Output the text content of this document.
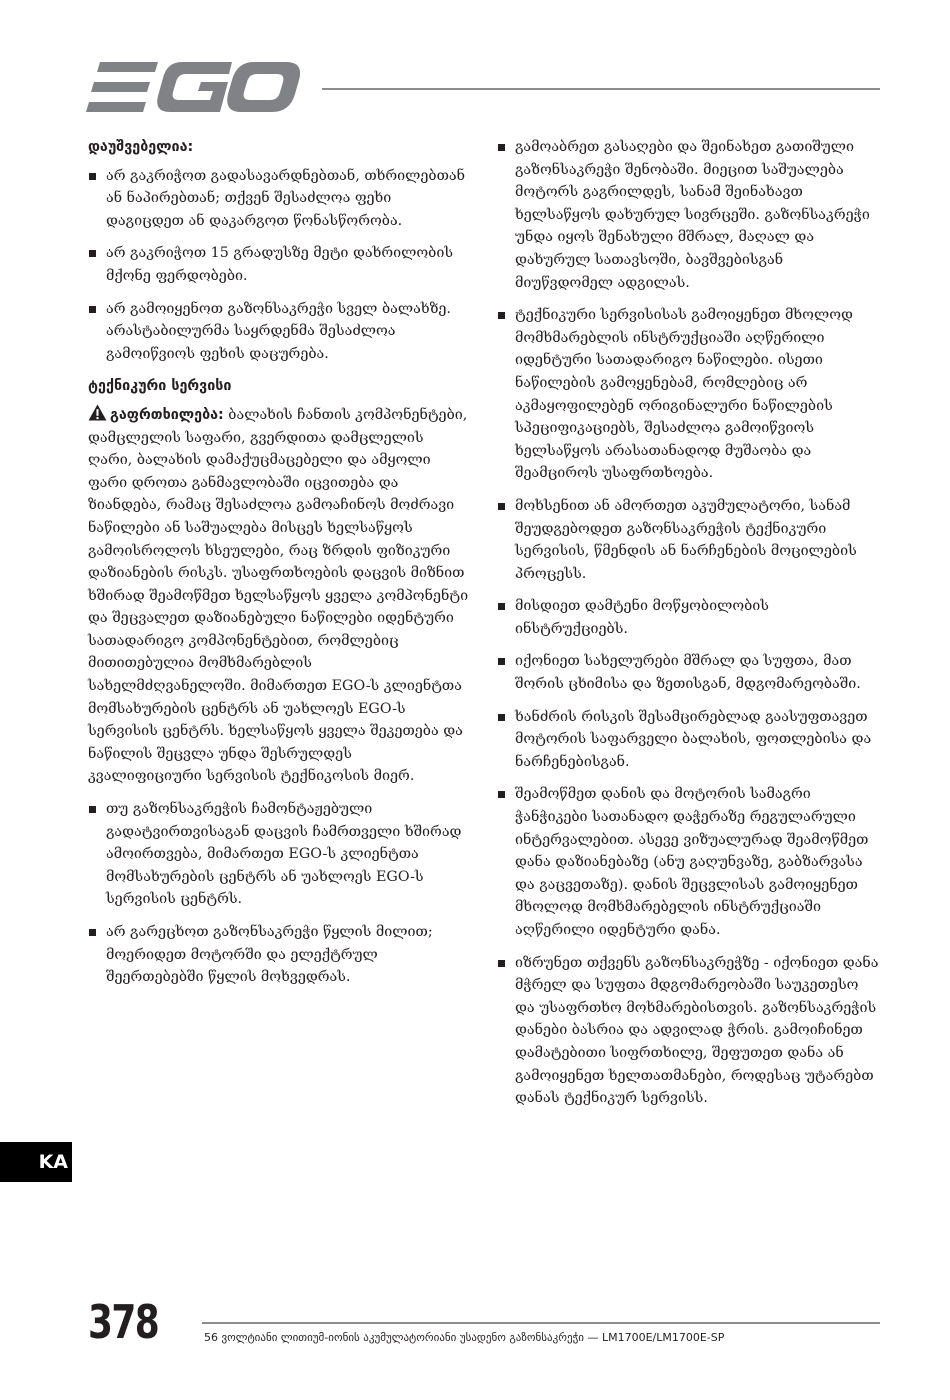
დაუშვებელია:
არ გაკრიჭოთ გადასავარდნებთან, თხრილებთან ან ნაპირებთან; თქვენ შესაძლოა ფეხი დაგიცდეთ ან დაკარგოთ წონასწორობა.
არ გაკრიჭოთ 15 გრადუსზე მეტი დახრილობის მქონე ფერდობები.
არ გამოიყენოთ გაზონსაკრეჭი სველ ბალახზე. არასტაბილურმა საყრდენმა შესაძლოა გამოიწვიოს ფეხის დაცურება.
ტექნიკური სერვისი

გაფრთხილება: ბალახის ჩანთის კომპონენტები, დამცლელის საფარი, გვერდითა დამცლელის ღარი, ბალახის დამაქუცმაცებელი და ამყოლი ფარი დროთა განმავლობაში იცვითება და ზიანდება, რამაც შესაძლოა გამოაჩინოს მოძრავი ნაწილები ან საშუალება მისცეს ხელსაწყოს გამოისროლოს ხსეულები, რაც ზრდის ფიზიკური დაზიანების რისკს. უსაფრთხოების დაცვის მიზნით ხშირად შეამოწმეთ ხელსაწყოს ყველა კომპონენტი და შეცვალეთ დაზიანებული ნაწილები იდენტური სათადარიგო კომპონენტებით, რომლებიც მითითებულია მომხმარებლის სახელმძღვანელოში. მიმართეთ EGO-ს კლიენტთა მომსახურების ცენტრს ან უახლოეს EGO-ს სერვისის ცენტრს. ხელსაწყოს ყველა შეკეთება და ნაწილის შეცვლა უნდა შესრულდეს კვალიფიციური სერვისის ტექნიკოსის მიერ.

თუ გაზონსაკრეჭის ჩამონტაჟებული გადატვირთვისაგან დაცვის ჩამრთველი ხშირად ამოირთვება, მიმართეთ EGO-ს კლიენტთა მომსახურების ცენტრს ან უახლოეს EGO-ს სერვისის ცენტრს.
არ გარეცხოთ გაზონსაკრეჭი წყლის მილით; მოერიდეთ მოტორში და ელექტრულ შეერთებებში წყლის მოხვედრას.
გამოაბრეთ გასაღები და შეინახეთ გათიშული გაზონსაკრეჭი შენობაში. მიეცით საშუალება მოტორს გაგრილდეს, სანამ შეინახავთ ხელსაწყოს დახურულ სივრცეში. გაზონსაკრეჭი უნდა იყოს შენახული მშრალ, მაღალ და დახურულ სათავსოში, ბავშვებისგან მიუწვდომელ ადგილას.
ტექნიკური სერვისისას გამოიყენეთ მხოლოდ მომხმარებლის ინსტრუქციაში აღწერილი იდენტური სათადარიგო ნაწილები. ისეთი ნაწილების გამოყენებამ, რომლებიც არ აკმაყოფილებენ ორიგინალური ნაწილების სპეციფიკაციებს, შესაძლოა გამოიწვიოს ხელსაწყოს არასათანადოდ მუშაობა და შეამციროს უსაფრთხოება.
მოხსენით ან ამორთეთ აკუმულატორი, სანამ შეუდგებოდეთ გაზონსაკრეჭის ტექნიკური სერვისის, წმენდის ან ნარჩენების მოცილების პროცესს.
მისდიეთ დამტენი მოწყობილობის ინსტრუქციებს.
იქონიეთ სახელურები მშრალ და სუფთა, მათ შორის ცხიმისა და ზეთისგან, მდგომარეობაში.
ხანძრის რისკის შესამცირებლად გაასუფთავეთ მოტორის საფარველი ბალახის, ფოთლებისა და ნარჩენებისგან.
შეამოწმეთ დანის და მოტორის სამაგრი ჭანჭიკები სათანადო დაჭერაზე რეგულარული ინტერვალებით. ასევე ვიზუალურად შეამოწმეთ დანა დაზიანებაზე (ანუ გაღუნვაზე, გაბზარვასა და გაცვეთაზე). დანის შეცვლისას გამოიყენეთ მხოლოდ მომხმარებელის ინსტრუქციაში აღწერილი იდენტური დანა.
იზრუნეთ თქვენს გაზონსაკრეჭზე - იქონიეთ დანა მჭრელ და სუფთა მდგომარეობაში საუკეთესო და უსაფრთხო მოხმარებისთვის. გაზონსაკრეჭის დანები ბასრია და ადვილად ჭრის. გამოიჩინეთ დამატებითი სიფრთხილე, შეფუთეთ დანა ან გამოიყენეთ ხელთათმანები, როდესაც უტარებთ დანას ტექნიკურ სერვისს.
KA
378	56 ვოლტიანი ლითიუმ-იონის აკუმულატორიანი უსადენო გაზონსაკრეჭი — LM1700E/LM1700E-SP
